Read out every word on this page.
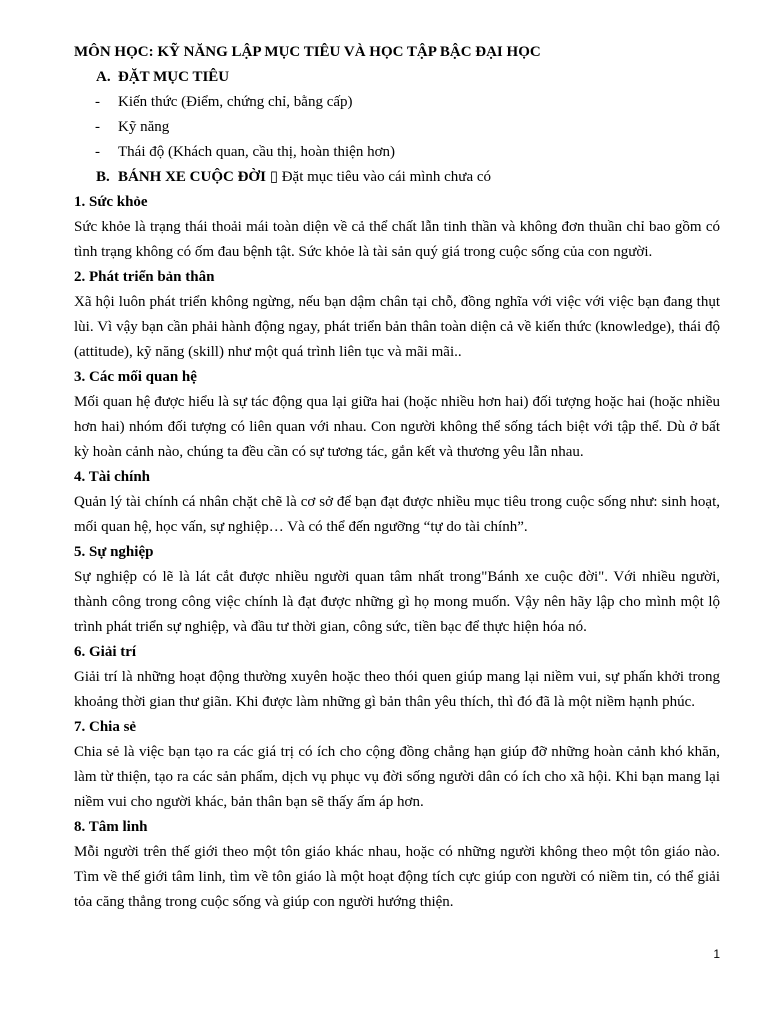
MÔN HỌC: KỸ NĂNG LẬP MỤC TIÊU VÀ HỌC TẬP BẬC ĐẠI HỌC

A. ĐẶT MỤC TIÊU
-	Kiến thức (Điểm, chứng chỉ, bằng cấp)
-	Kỹ năng
-	Thái độ (Khách quan, cầu thị, hoàn thiện hơn)
B. BÁNH XE CUỘC ĐỜI ▯ Đặt mục tiêu vào cái mình chưa có

1. Sức khỏe

Sức khỏe là trạng thái thoải mái toàn diện về cả thể chất lẫn tinh thần và không đơn thuần chỉ bao gồm có tình trạng không có ốm đau bệnh tật. Sức khỏe là tài sản quý giá trong cuộc sống của con người.

2. Phát triển bản thân

Xã hội luôn phát triển không ngừng, nếu bạn dậm chân tại chỗ, đồng nghĩa với việc với việc bạn đang thụt lùi. Vì vậy bạn cần phải hành động ngay, phát triển bản thân toàn diện cả về kiến thức (knowledge), thái độ (attitude), kỹ năng (skill) như một quá trình liên tục và mãi mãi..

3. Các mối quan hệ

Mối quan hệ được hiểu là sự tác động qua lại giữa hai (hoặc nhiều hơn hai) đối tượng hoặc hai (hoặc nhiều hơn hai) nhóm đối tượng có liên quan với nhau. Con người không thể sống tách biệt với tập thể. Dù ở bất kỳ hoàn cảnh nào, chúng ta đều cần có sự tương tác, gắn kết và thương yêu lẫn nhau.

4. Tài chính

Quản lý tài chính cá nhân chặt chẽ là cơ sở để bạn đạt được nhiều mục tiêu trong cuộc sống như: sinh hoạt, mối quan hệ, học vấn, sự nghiệp… Và có thể đến ngưỡng “tự do tài chính”.

5. Sự nghiệp

Sự nghiệp có lẽ là lát cắt được nhiều người quan tâm nhất trong"Bánh xe cuộc đời". Với nhiều người, thành công trong công việc chính là đạt được những gì họ mong muốn. Vậy nên hãy lập cho mình một lộ trình phát triển sự nghiệp, và đầu tư thời gian, công sức, tiền bạc để thực hiện hóa nó.

6. Giải trí

Giải trí là những hoạt động thường xuyên hoặc theo thói quen giúp mang lại niềm vui, sự phấn khởi trong khoảng thời gian thư giãn. Khi được làm những gì bản thân yêu thích, thì đó đã là một niềm hạnh phúc.

7. Chia sẻ

Chia sẻ là việc bạn tạo ra các giá trị có ích cho cộng đồng chẳng hạn giúp đỡ những hoàn cảnh khó khăn, làm từ thiện, tạo ra các sản phẩm, dịch vụ phục vụ đời sống người dân có ích cho xã hội. Khi bạn mang lại niềm vui cho người khác, bản thân bạn sẽ thấy ấm áp hơn.

8. Tâm linh

Mỗi người trên thế giới theo một tôn giáo khác nhau, hoặc có những người không theo một tôn giáo nào. Tìm về thế giới tâm linh, tìm về tôn giáo là một hoạt động tích cực giúp con người có niềm tin, có thể giải tỏa căng thẳng trong cuộc sống và giúp con người hướng thiện.

1
